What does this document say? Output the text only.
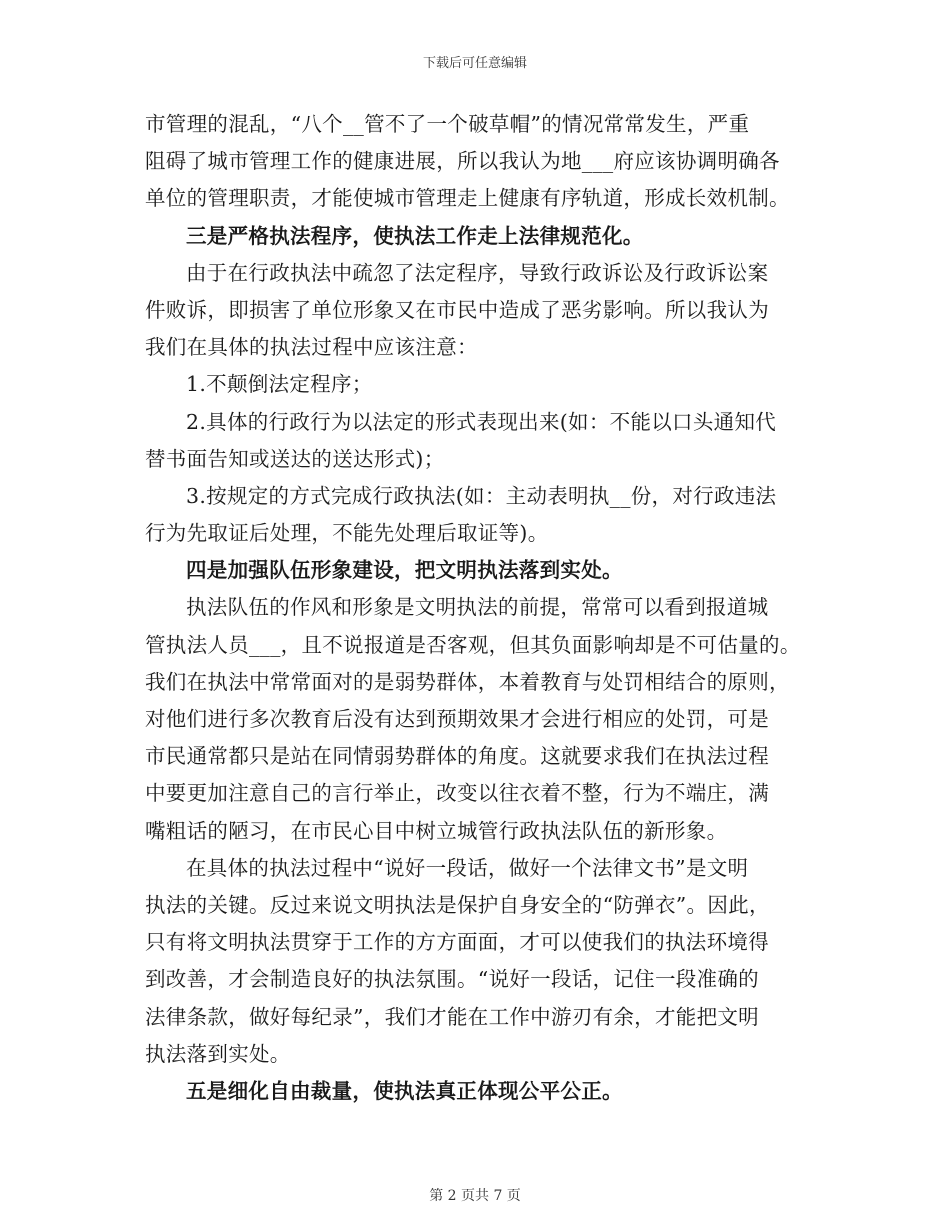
下载后可任意编辑
市管理的混乱，“八个__管不了一个破草帽”的情况常常发生，严重
阻碍了城市管理工作的健康进展，所以我认为地___府应该协调明确各
单位的管理职责，才能使城市管理走上健康有序轨道，形成长效机制。
三是严格执法程序，使执法工作走上法律规范化。
由于在行政执法中疏忽了法定程序，导致行政诉讼及行政诉讼案
件败诉，即损害了单位形象又在市民中造成了恶劣影响。所以我认为
我们在具体的执法过程中应该注意：
1.不颠倒法定程序；
2.具体的行政行为以法定的形式表现出来(如：不能以口头通知代
替书面告知或送达的送达形式)；
3.按规定的方式完成行政执法(如：主动表明执__份，对行政违法
行为先取证后处理，不能先处理后取证等)。
四是加强队伍形象建设，把文明执法落到实处。
执法队伍的作风和形象是文明执法的前提，常常可以看到报道城
管执法人员___，且不说报道是否客观，但其负面影响却是不可估量的。
我们在执法中常常面对的是弱势群体，本着教育与处罚相结合的原则，
对他们进行多次教育后没有达到预期效果才会进行相应的处罚，可是
市民通常都只是站在同情弱势群体的角度。这就要求我们在执法过程
中要更加注意自己的言行举止，改变以往衣着不整，行为不端庄，满
嘴粗话的陋习，在市民心目中树立城管行政执法队伍的新形象。
在具体的执法过程中“说好一段话，做好一个法律文书”是文明
执法的关键。反过来说文明执法是保护自身安全的“防弹衣”。因此，
只有将文明执法贯穿于工作的方方面面，才可以使我们的执法环境得
到改善，才会制造良好的执法氛围。“说好一段话，记住一段准确的
法律条款，做好每纪录”，我们才能在工作中游刃有余，才能把文明
执法落到实处。
五是细化自由裁量，使执法真正体现公平公正。
第 2 页共 7 页
